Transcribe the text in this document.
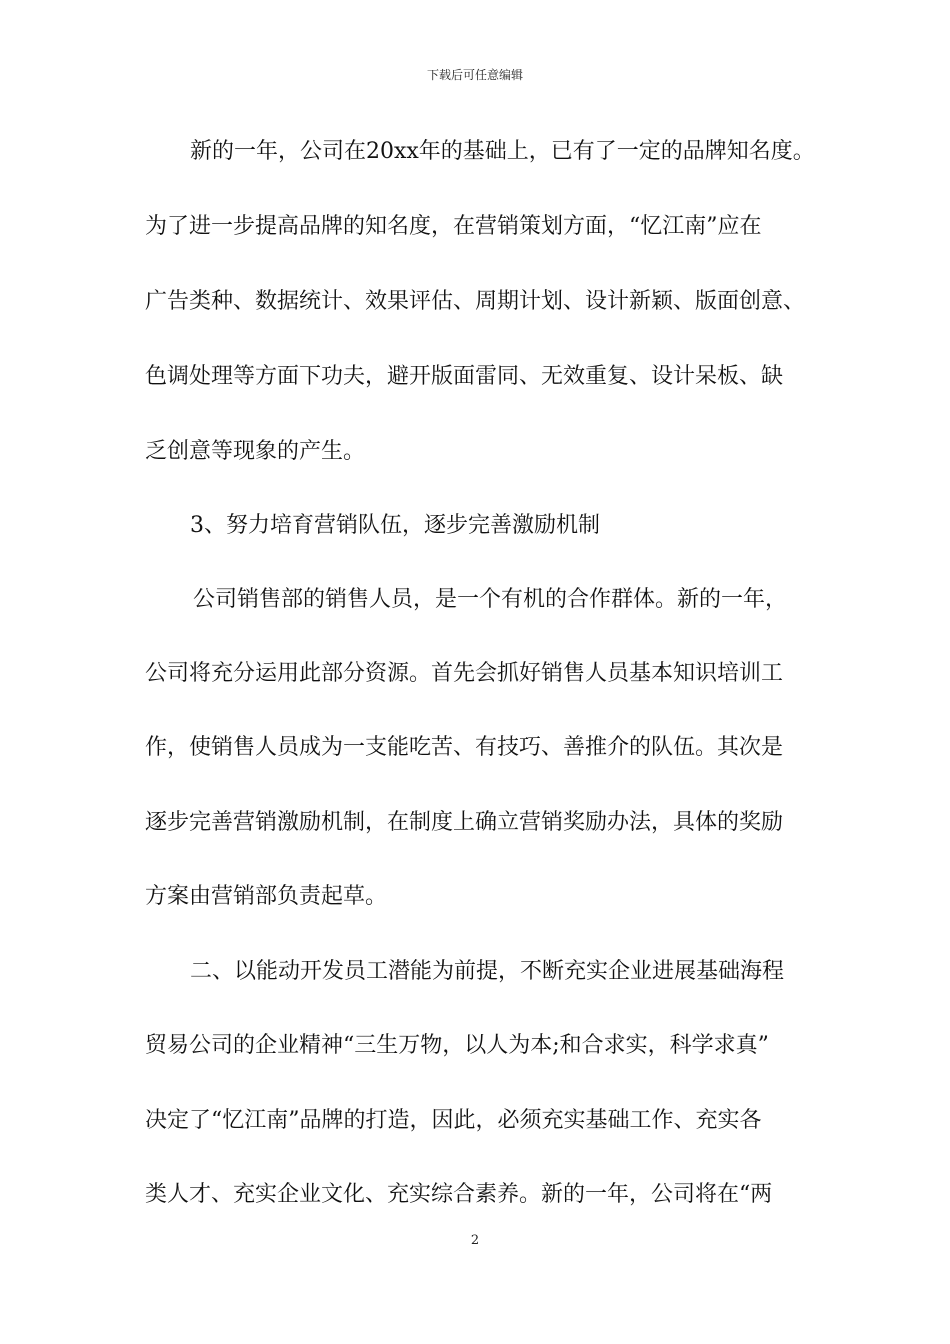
下载后可任意编辑

新的一年，公司在20xx年的基础上，已有了一定的品牌知名度。

为了进一步提高品牌的知名度，在营销策划方面，“忆江南”应在

广告类种、数据统计、效果评估、周期计划、设计新颖、版面创意、

色调处理等方面下功夫，避开版面雷同、无效重复、设计呆板、缺

乏创意等现象的产生。

3、努力培育营销队伍，逐步完善激励机制

公司销售部的销售人员，是一个有机的合作群体。新的一年，

公司将充分运用此部分资源。首先会抓好销售人员基本知识培训工

作，使销售人员成为一支能吃苦、有技巧、善推介的队伍。其次是

逐步完善营销激励机制，在制度上确立营销奖励办法，具体的奖励

方案由营销部负责起草。

二、以能动开发员工潜能为前提，不断充实企业进展基础海程

贸易公司的企业精神“三生万物，以人为本;和合求实，科学求真”

决定了“忆江南”品牌的打造，因此，必须充实基础工作、充实各

类人才、充实企业文化、充实综合素养。新的一年，公司将在“两

2
